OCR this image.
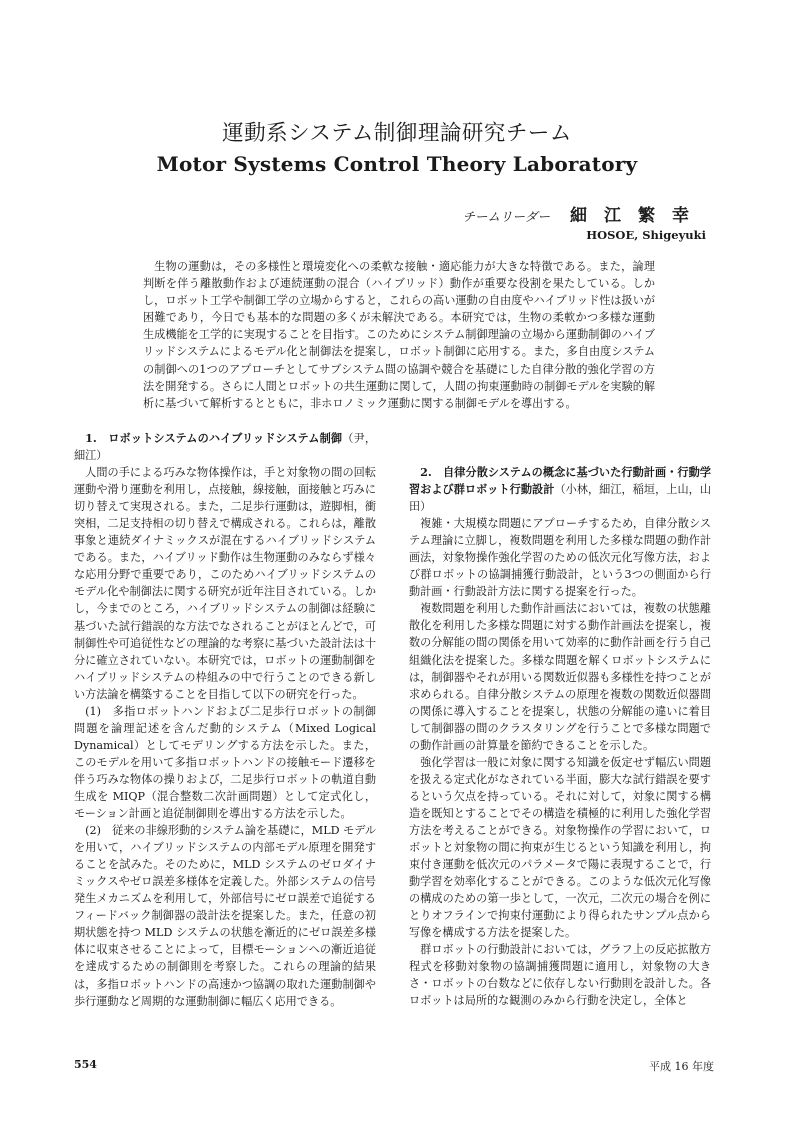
運動系システム制御理論研究チーム
Motor Systems Control Theory Laboratory
チームリーダー 細江繁幸
HOSOE, Shigeyuki

生物の運動は，その多様性と環境変化への柔軟な接触・適応能力が大きな特徴である。また，論理判断を伴う離散動作および連続運動の混合（ハイブリッド）動作が重要な役割を果たしている。しかし，ロボット工学や制御工学の立場からすると，これらの高い運動の自由度やハイブリッド性は扱いが困難であり，今日でも基本的な問題の多くが未解決である。本研究では，生物の柔軟かつ多様な運動生成機能を工学的に実現することを目指す。このためにシステム制御理論の立場から運動制御のハイブリッドシステムによるモデル化と制御法を提案し，ロボット制御に応用する。また，多自由度システムの制御への1つのアプローチとしてサブシステム間の協調や競合を基礎にした自律分散的強化学習の方法を開発する。さらに人間とロボットの共生運動に関して，人間の拘束運動時の制御モデルを実験的解析に基づいて解析するとともに，非ホロノミック運動に関する制御モデルを導出する。

1.　ロボットシステムのハイブリッドシステム制御（尹，細江）

人間の手による巧みな物体操作は，手と対象物の間の回転運動や滑り運動を利用し，点接触，線接触，面接触と巧みに切り替えて実現される。また，二足歩行運動は，遊脚相，衝突相，二足支持相の切り替えで構成される。これらは，離散事象と連続ダイナミックスが混在するハイブリッドシステムである。また，ハイブリッド動作は生物運動のみならず様々な応用分野で重要であり，このためハイブリッドシステムのモデル化や制御法に関する研究が近年注目されている。しかし，今までのところ，ハイブリッドシステムの制御は経験に基づいた試行錯誤的な方法でなされることがほとんどで，可制御性や可追従性などの理論的な考察に基づいた設計法は十分に確立されていない。本研究では，ロボットの運動制御をハイブリッドシステムの枠組みの中で行うことのできる新しい方法論を構築することを目指して以下の研究を行った。

(1)　多指ロボットハンドおよび二足歩行ロボットの制御問題を論理記述を含んだ動的システム（Mixed Logical Dynamical）としてモデリングする方法を示した。また，このモデルを用いて多指ロボットハンドの接触モード遷移を伴う巧みな物体の操りおよび，二足歩行ロボットの軌道自動生成を MIQP（混合整数二次計画問題）として定式化し，モーション計画と追従制御則を導出する方法を示した。

(2)　従来の非線形動的システム論を基礎に，MLD モデルを用いて，ハイブリッドシステムの内部モデル原理を開発することを試みた。そのために，MLD システムのゼロダイナミックスやゼロ誤差多様体を定義した。外部システムの信号発生メカニズムを利用して，外部信号にゼロ誤差で追従するフィードバック制御器の設計法を提案した。また，任意の初期状態を持つ MLD システムの状態を漸近的にゼロ誤差多様体に収束させることによって，目標モーションへの漸近追従を達成するための制御則を考察した。これらの理論的結果は，多指ロボットハンドの高速かつ協調の取れた運動制御や歩行運動など周期的な運動制御に幅広く応用できる。

2.　自律分散システムの概念に基づいた行動計画・行動学習および群ロボット行動設計（小林，細江，稲垣，上山，山田）

複雑・大規模な問題にアプローチするため，自律分散システム理論に立脚し，複数問題を利用した多様な問題の動作計画法，対象物操作強化学習のための低次元化写像方法，および群ロボットの協調捕獲行動設計，という3つの側面から行動計画・行動設計方法に関する提案を行った。

複数問題を利用した動作計画法においては，複数の状態離散化を利用した多様な問題に対する動作計画法を提案し，複数の分解能の間の関係を用いて効率的に動作計画を行う自己組織化法を提案した。多様な問題を解くロボットシステムには，制御器やそれが用いる関数近似器も多様性を持つことが求められる。自律分散システムの原理を複数の関数近似器間の関係に導入することを提案し，状態の分解能の違いに着目して制御器の間のクラスタリングを行うことで多様な問題での動作計画の計算量を節約できることを示した。

強化学習は一般に対象に関する知識を仮定せず幅広い問題を扱える定式化がなされている半面，膨大な試行錯誤を要するという欠点を持っている。それに対して，対象に関する構造を既知とすることでその構造を積極的に利用した強化学習方法を考えることができる。対象物操作の学習において，ロボットと対象物の間に拘束が生じるという知識を利用し，拘束付き運動を低次元のパラメータで陽に表現することで，行動学習を効率化することができる。このような低次元化写像の構成のための第一歩として，一次元，二次元の場合を例にとりオフラインで拘束付運動により得られたサンプル点から写像を構成する方法を提案した。

群ロボットの行動設計においては，グラフ上の反応拡散方程式を移動対象物の協調捕獲問題に適用し，対象物の大きさ・ロボットの台数などに依存しない行動則を設計した。各ロボットは局所的な観測のみから行動を決定し，全体と

554	平成 16 年度
